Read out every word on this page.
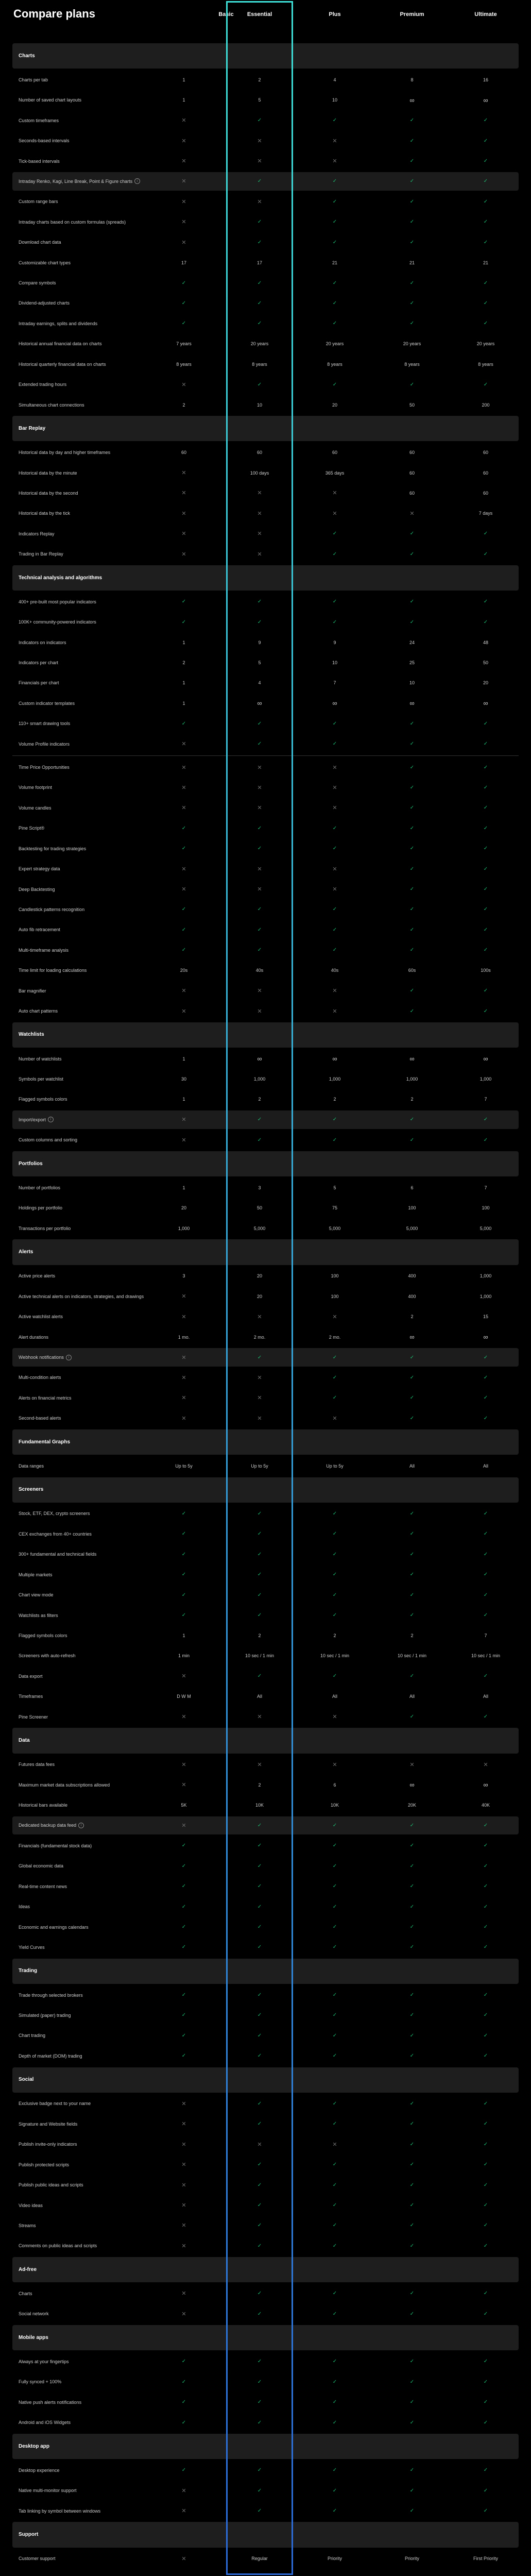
Compare plans	Basic	Essential	Plus	Premium	Ultimate
Charts
Charts per tab	1	2	4	8	16
Number of saved chart layouts	1	5	10	∞	∞
Custom timeframes	✕	✓	✓	✓	✓
Seconds-based intervals	✕	✕	✕	✓	✓
Tick-based intervals	✕	✕	✕	✓	✓
Intraday Renko, Kagi, Line Break, Point & Figure charts	i	✕	✓	✓	✓	✓
Custom range bars	✕	✕	✓	✓	✓
Intraday charts based on custom formulas (spreads)	✕	✓	✓	✓	✓
Download chart data	✕	✓	✓	✓	✓
Customizable chart types	17	17	21	21	21
Compare symbols	✓	✓	✓	✓	✓
Dividend-adjusted charts	✓	✓	✓	✓	✓
Intraday earnings, splits and dividends	✓	✓	✓	✓	✓
Historical annual financial data on charts	7 years	20 years	20 years	20 years	20 years
Historical quarterly financial data on charts	8 years	8 years	8 years	8 years	8 years
Extended trading hours	✕	✓	✓	✓	✓
Simultaneous chart connections	2	10	20	50	200
Bar Replay
Historical data by day and higher timeframes	60	60	60	60	60
Historical data by the minute	✕	100 days	365 days	60	60
Historical data by the second	✕	✕	✕	60	60
Historical data by the tick	✕	✕	✕	✕	7 days
Indicators Replay	✕	✕	✓	✓	✓
Trading in Bar Replay	✕	✕	✓	✓	✓
Technical analysis and algorithms
400+ pre-built most popular indicators	✓	✓	✓	✓	✓
100K+ community-powered indicators	✓	✓	✓	✓	✓
Indicators on indicators	1	9	9	24	48
Indicators per chart	2	5	10	25	50
Financials per chart	1	4	7	10	20
Custom indicator templates	1	∞	∞	∞	∞
110+ smart drawing tools	✓	✓	✓	✓	✓
Volume Profile indicators	✕	✓	✓	✓	✓
Time Price Opportunities	✕	✕	✕	✓	✓
Volume footprint	✕	✕	✕	✓	✓
Volume candles	✕	✕	✕	✓	✓
Pine Script®	✓	✓	✓	✓	✓
Backtesting for trading strategies	✓	✓	✓	✓	✓
Expert strategy data	✕	✕	✕	✓	✓
Deep Backtesting	✕	✕	✕	✓	✓
Candlestick patterns recognition	✓	✓	✓	✓	✓
Auto fib retracement	✓	✓	✓	✓	✓
Multi-timeframe analysis	✓	✓	✓	✓	✓
Time limit for loading calculations	20s	40s	40s	60s	100s
Bar magnifier	✕	✕	✕	✓	✓
Auto chart patterns	✕	✕	✕	✓	✓
Watchlists
Number of watchlists	1	∞	∞	∞	∞
Symbols per watchlist	30	1,000	1,000	1,000	1,000
Flagged symbols colors	1	2	2	2	7
Import/export	i	✕	✓	✓	✓	✓
Custom columns and sorting	✕	✓	✓	✓	✓
Portfolios
Number of portfolios	1	3	5	6	7
Holdings per portfolio	20	50	75	100	100
Transactions per portfolio	1,000	5,000	5,000	5,000	5,000
Alerts
Active price alerts	3	20	100	400	1,000
Active technical alerts on indicators, strategies, and drawings	✕	20	100	400	1,000
Active watchlist alerts	✕	✕	✕	2	15
Alert durations	1 mo.	2 mo.	2 mo.	∞	∞
Webhook notifications	i	✕	✓	✓	✓	✓
Multi-condition alerts	✕	✕	✓	✓	✓
Alerts on financial metrics	✕	✕	✓	✓	✓
Second-based alerts	✕	✕	✕	✓	✓
Fundamental Graphs
Data ranges	Up to 5y	Up to 5y	Up to 5y	All	All
Screeners
Stock, ETF, DEX, crypto screeners	✓	✓	✓	✓	✓
CEX exchanges from 40+ countries	✓	✓	✓	✓	✓
300+ fundamental and technical fields	✓	✓	✓	✓	✓
Multiple markets	✓	✓	✓	✓	✓
Chart view mode	✓	✓	✓	✓	✓
Watchlists as filters	✓	✓	✓	✓	✓
Flagged symbols colors	1	2	2	2	7
Screeners with auto-refresh	1 min	10 sec / 1 min	10 sec / 1 min	10 sec / 1 min	10 sec / 1 min
Data export	✕	✓	✓	✓	✓
Timeframes	D W M	All	All	All	All
Pine Screener	✕	✕	✕	✓	✓
Data
Futures data fees	✕	✕	✕	✕	✕
Maximum market data subscriptions allowed	✕	2	6	∞	∞
Historical bars available	5K	10K	10K	20K	40K
Dedicated backup data feed	i	✕	✓	✓	✓	✓
Financials (fundamental stock data)	✓	✓	✓	✓	✓
Global economic data	✓	✓	✓	✓	✓
Real-time content news	✓	✓	✓	✓	✓
Ideas	✓	✓	✓	✓	✓
Economic and earnings calendars	✓	✓	✓	✓	✓
Yield Curves	✓	✓	✓	✓	✓
Trading
Trade through selected brokers	✓	✓	✓	✓	✓
Simulated (paper) trading	✓	✓	✓	✓	✓
Chart trading	✓	✓	✓	✓	✓
Depth of market (DOM) trading	✓	✓	✓	✓	✓
Social
Exclusive badge next to your name	✕	✓	✓	✓	✓
Signature and Website fields	✕	✓	✓	✓	✓
Publish invite-only indicators	✕	✕	✕	✓	✓
Publish protected scripts	✕	✓	✓	✓	✓
Publish public ideas and scripts	✕	✓	✓	✓	✓
Video ideas	✕	✓	✓	✓	✓
Streams	✕	✓	✓	✓	✓
Comments on public ideas and scripts	✕	✓	✓	✓	✓
Ad-free
Charts	✕	✓	✓	✓	✓
Social network	✕	✓	✓	✓	✓
Mobile apps
Always at your fingertips	✓	✓	✓	✓	✓
Fully synced + 100%	✓	✓	✓	✓	✓
Native push alerts notifications	✓	✓	✓	✓	✓
Android and iOS Widgets	✓	✓	✓	✓	✓
Desktop app
Desktop experience	✓	✓	✓	✓	✓
Native multi-monitor support	✕	✓	✓	✓	✓
Tab linking by symbol between windows	✕	✓	✓	✓	✓
Support
Customer support	✕	Regular	Priority	Priority	First Priority
